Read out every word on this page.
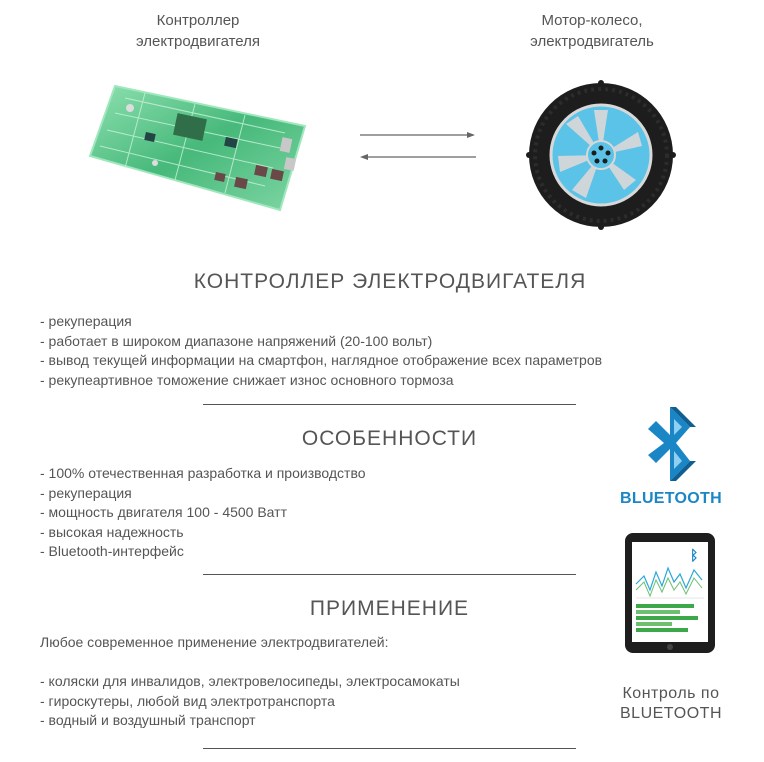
Контроллер
электродвигателя
Мотор-колесо,
электродвигатель
КОНТРОЛЛЕР ЭЛЕКТРОДВИГАТЕЛЯ
- рекуперация
- работает в широком диапазоне напряжений (20-100 вольт)
- вывод текущей информации на смартфон, наглядное отображение всех параметров
- рекупеартивное томожение снижает износ основного тормоза
ОСОБЕННОСТИ
- 100% отечественная разработка и производство
- рекуперация
- мощность двигателя 100 - 4500 Ватт
- высокая надежность
- Bluetooth-интерфейс
ПРИМЕНЕНИЕ
Любое современное применение электродвигателей:
- коляски для инвалидов, электровелосипеды, электросамокаты
- гироскутеры, любой вид электротранспорта
- водный и воздушный транспорт
BLUETOOTH
ᛒ
Контроль по
BLUETOOTH
